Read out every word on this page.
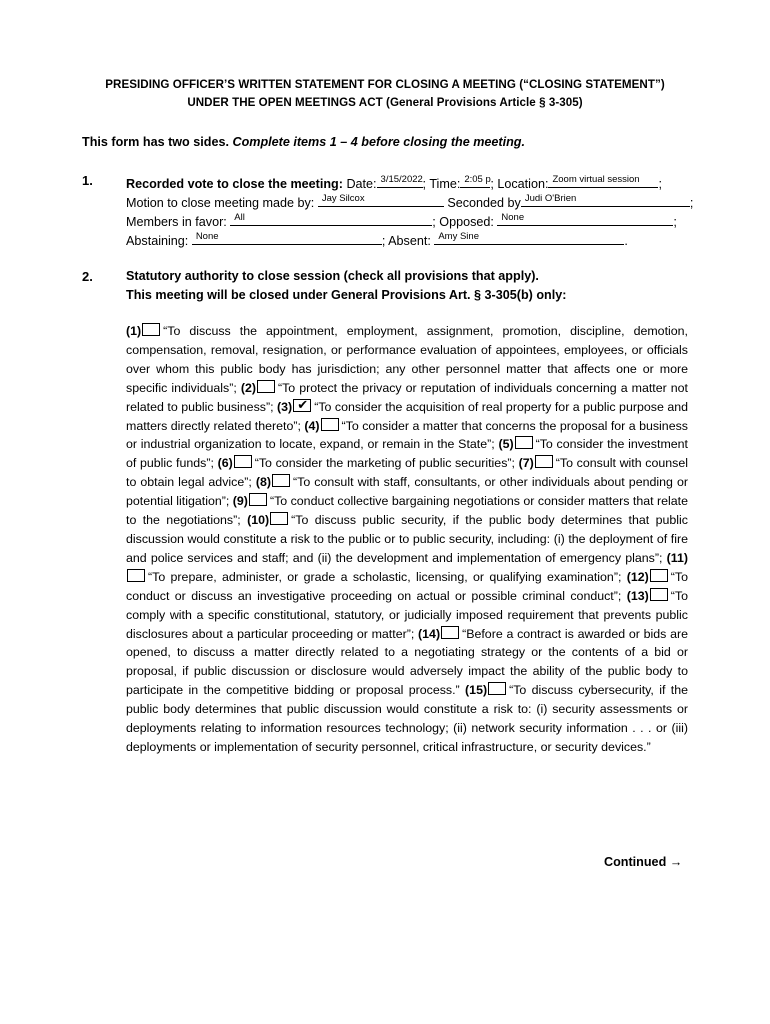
PRESIDING OFFICER’S WRITTEN STATEMENT FOR CLOSING A MEETING (“CLOSING STATEMENT”)
UNDER THE OPEN MEETINGS ACT (General Provisions Article § 3-305)
This form has two sides. Complete items 1 – 4 before closing the meeting.
1.	Recorded vote to close the meeting: Date: 3/15/2022 ; Time: 2:05 p ; Location: Zoom virtual session ;
Motion to close meeting made by: Jay Silcox	Seconded by Judi O'Brien	;
Members in favor: All	; Opposed: None	;
Abstaining: None	; Absent: Amy Sine	.
2.	Statutory authority to close session (check all provisions that apply).
This meeting will be closed under General Provisions Art. § 3-305(b) only:
(1) “To discuss the appointment, employment, assignment, promotion, discipline, demotion, compensation, removal, resignation, or performance evaluation of appointees, employees, or officials over whom this public body has jurisdiction; any other personnel matter that affects one or more specific individuals”; (2) “To protect the privacy or reputation of individuals concerning a matter not related to public business”; (3) ✔ “To consider the acquisition of real property for a public purpose and matters directly related thereto”; (4) “To consider a matter that concerns the proposal for a business or industrial organization to locate, expand, or remain in the State”; (5) “To consider the investment of public funds”; (6) “To consider the marketing of public securities”; (7) “To consult with counsel to obtain legal advice”; (8) “To consult with staff, consultants, or other individuals about pending or potential litigation”; (9) “To conduct collective bargaining negotiations or consider matters that relate to the negotiations”; (10) “To discuss public security, if the public body determines that public discussion would constitute a risk to the public or to public security, including: (i) the deployment of fire and police services and staff; and (ii) the development and implementation of emergency plans”; (11)“To prepare, administer, or grade a scholastic, licensing, or qualifying examination”; (12) “To conduct or discuss an investigative proceeding on actual or possible criminal conduct”; (13) “To comply with a specific constitutional, statutory, or judicially imposed requirement that prevents public disclosures about a particular proceeding or matter”; (14) “Before a contract is awarded or bids are opened, to discuss a matter directly related to a negotiating strategy or the contents of a bid or proposal, if public discussion or disclosure would adversely impact the ability of the public body to participate in the competitive bidding or proposal process.” (15) “To discuss cybersecurity, if the public body determines that public discussion would constitute a risk to: (i) security assessments or deployments relating to information resources technology; (ii) network security information . . . or (iii) deployments or implementation of security personnel, critical infrastructure, or security devices.”
Continued →
